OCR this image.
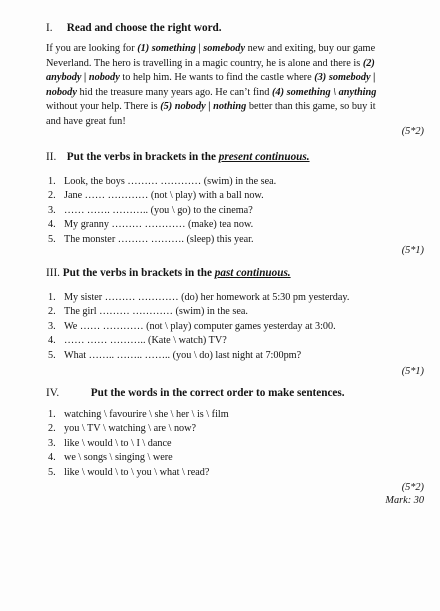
I. Read and choose the right word.
If you are looking for (1) something | somebody new and exiting, buy our game
Neverland. The hero is travelling in a magic country, he is alone and there is (2)
anybody | nobody to help him. He wants to find the castle where (3) somebody |
nobody hid the treasure many years ago. He can’t find (4) something \ anything
without your help. There is (5) nobody | nothing better than this game, so buy it
and have great fun!
(5*2)
II. Put the verbs in brackets in the present continuous.
1. Look, the boys ……… ………… (swim) in the sea.
2. Jane …… ………… (not \ play) with a ball now.
3. …… ……. ……….. (you \ go) to the cinema?
4. My granny ……… ………… (make) tea now.
5. The monster ……… ………. (sleep) this year.
(5*1)
III. Put the verbs in brackets in the past continuous.
1. My sister ……… ………… (do) her homework at 5:30 pm yesterday.
2. The girl ……… ………… (swim) in the sea.
3. We …… ………… (not \ play) computer games yesterday at 3:00.
4. …… …… ……….. (Kate \ watch) TV?
5. What …….. …….. …….. (you \ do) last night at 7:00pm?
(5*1)
IV.	Put the words in the correct order to make sentences.
1. watching \ favourire \ she \ her \ is \ film
2. you \ TV \ watching \ are \ now?
3. like \ would \ to \ I \ dance
4. we \ songs \ singing \ were
5. like \ would \ to \ you \ what \ read?
(5*2)
Mark: 30
